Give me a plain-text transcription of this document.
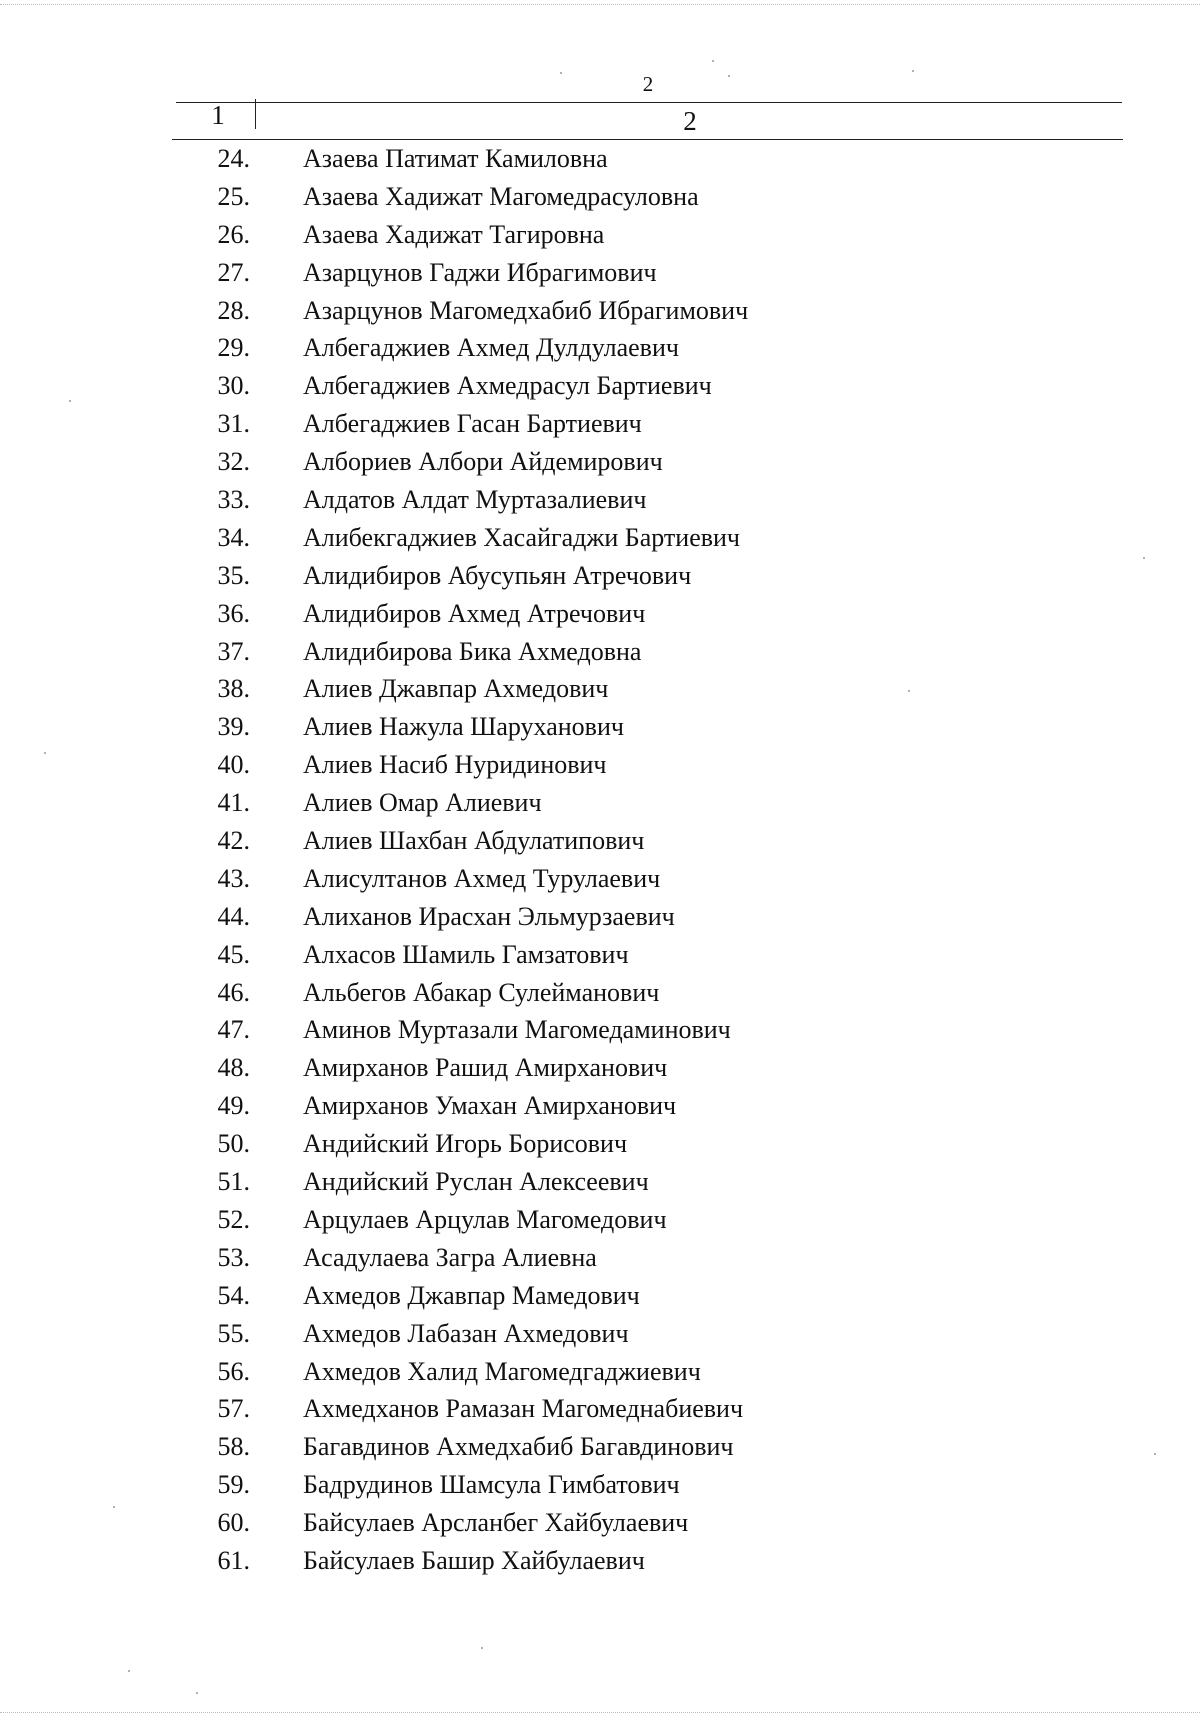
2
1	2
24. Азаева Патимат Камиловна
25. Азаева Хадижат Магомедрасуловна
26. Азаева Хадижат Тагировна
27. Азарцунов Гаджи Ибрагимович
28. Азарцунов Магомедхабиб Ибрагимович
29. Албегаджиев Ахмед Дулдулаевич
30. Албегаджиев Ахмедрасул Бартиевич
31. Албегаджиев Гасан Бартиевич
32. Албориев Албори Айдемирович
33. Алдатов Алдат Муртазалиевич
34. Алибекгаджиев Хасайгаджи Бартиевич
35. Алидибиров Абусупьян Атречович
36. Алидибиров Ахмед Атречович
37. Алидибирова Бика Ахмедовна
38. Алиев Джавпар Ахмедович
39. Алиев Нажула Шаруханович
40. Алиев Насиб Нуридинович
41. Алиев Омар Алиевич
42. Алиев Шахбан Абдулатипович
43. Алисултанов Ахмед Турулаевич
44. Алиханов Ирасхан Эльмурзаевич
45. Алхасов Шамиль Гамзатович
46. Альбегов Абакар Сулейманович
47. Аминов Муртазали Магомедаминович
48. Амирханов Рашид Амирханович
49. Амирханов Умахан Амирханович
50. Андийский Игорь Борисович
51. Андийский Руслан Алексеевич
52. Арцулаев Арцулав Магомедович
53. Асадулаева Загра Алиевна
54. Ахмедов Джавпар Мамедович
55. Ахмедов Лабазан Ахмедович
56. Ахмедов Халид Магомедгаджиевич
57. Ахмедханов Рамазан Магомеднабиевич
58. Багавдинов Ахмедхабиб Багавдинович
59. Бадрудинов Шамсула Гимбатович
60. Байсулаев Арсланбег Хайбулаевич
61. Байсулаев Башир Хайбулаевич
